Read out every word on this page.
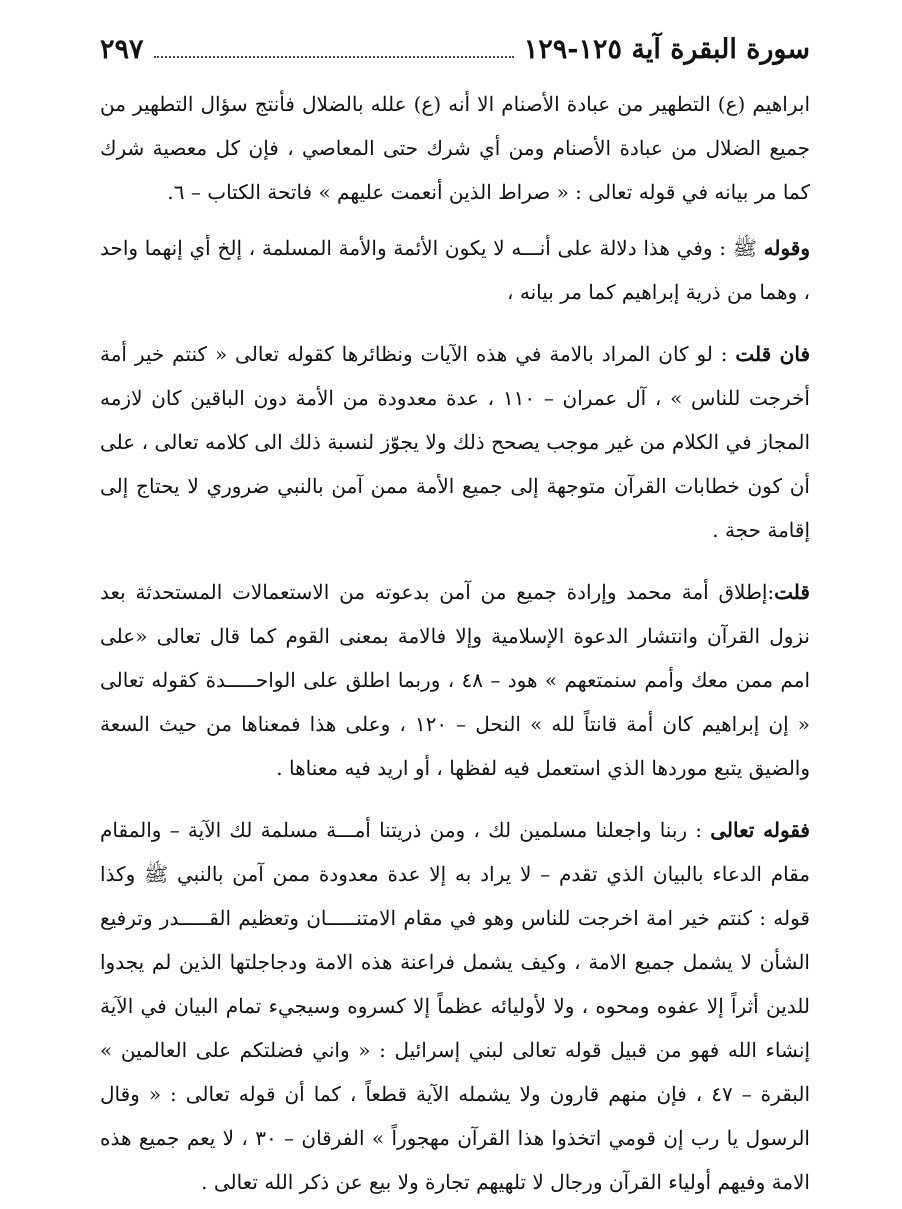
سورة البقرة آية ١٢٥-١٢٩
٢٩٧

ابراهيم (ع) التطهير من عبادة الأصنام الا أنه (ع) علله بالضلال فأنتج سؤال التطهير من جميع الضلال من عبادة الأصنام ومن أي شرك حتى المعاصي ، فإن كل معصية شرك كما مر بيانه في قوله تعالى : « صراط الذين أنعمت عليهم » فاتحة الكتاب – ٦.

وقوله ﷺ : وفي هذا دلالة على أنـــه لا يكون الأئمة والأمة المسلمة ، إلخ أي إنهما واحد ، وهما من ذرية إبراهيم كما مر بيانه ،

فان قلت : لو كان المراد بالامة في هذه الآيات ونظائرها كقوله تعالى « كنتم خير أمة أخرجت للناس » ، آل عمران – ١١٠ ، عدة معدودة من الأمة دون الباقين كان لازمه المجاز في الكلام من غير موجب يصحح ذلك ولا يجوّز لنسبة ذلك الى كلامه تعالى ، على أن كون خطابات القرآن متوجهة إلى جميع الأمة ممن آمن بالنبي ضروري لا يحتاج إلى إقامة حجة .

قلت:إطلاق أمة محمد وإرادة جميع من آمن بدعوته من الاستعمالات المستحدثة بعد نزول القرآن وانتشار الدعوة الإسلامية وإلا فالامة بمعنى القوم كما قال تعالى «على امم ممن معك وأمم سنمتعهم » هود – ٤٨ ، وربما اطلق على الواحـــــدة كقوله تعالى « إن إبراهيم كان أمة قانتاً لله » النحل – ١٢٠ ، وعلى هذا فمعناها من حيث السعة والضيق يتبع موردها الذي استعمل فيه لفظها ، أو اريد فيه معناها .

فقوله تعالى : ربنا واجعلنا مسلمين لك ، ومن ذريتنا أمـــة مسلمة لك الآية – والمقام مقام الدعاء بالبيان الذي تقدم – لا يراد به إلا عدة معدودة ممن آمن بالنبي ﷺ وكذا قوله : كنتم خير امة اخرجت للناس وهو في مقام الامتنـــــان وتعظيم القـــــدر وترفيع الشأن لا يشمل جميع الامة ، وكيف يشمل فراعنة هذه الامة ودجاجلتها الذين لم يجدوا للدين أثراً إلا عفوه ومحوه ، ولا لأوليائه عظماً إلا كسروه وسيجيء تمام البيان في الآية إنشاء الله فهو من قبيل قوله تعالى لبني إسرائيل : « واني فضلتكم على العالمين » البقرة – ٤٧ ، فإن منهم قارون ولا يشمله الآية قطعاً ، كما أن قوله تعالى : « وقال الرسول يا رب إن قومي اتخذوا هذا القرآن مهجوراً » الفرقان – ٣٠ ، لا يعم جميع هذه الامة وفيهم أولياء القرآن ورجال لا تلهيهم تجارة ولا بيع عن ذكر الله تعالى .
